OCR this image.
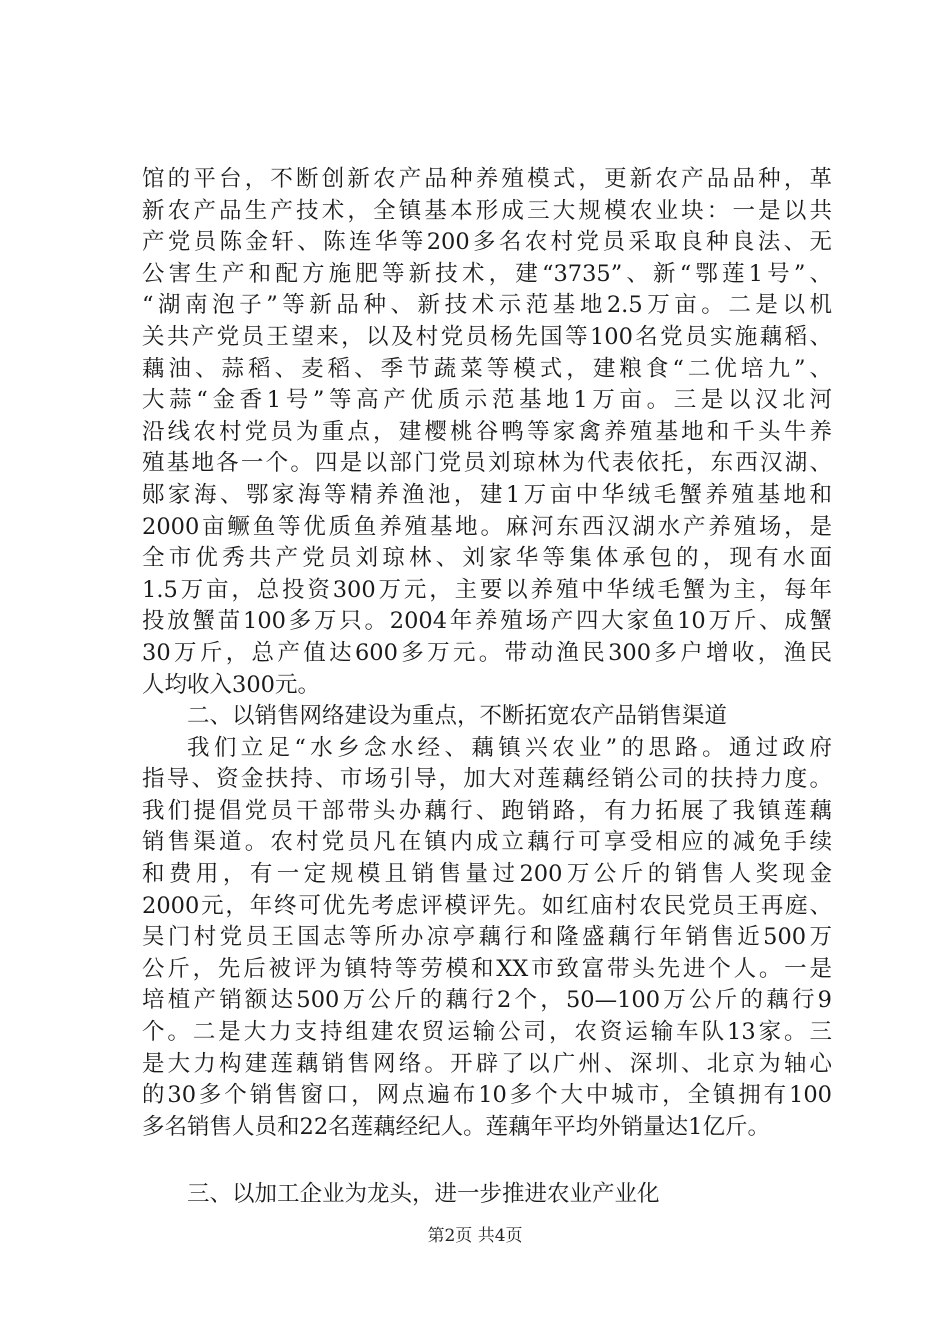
馆的平台，不断创新农产品种养殖模式，更新农产品品种，革
新农产品生产技术，全镇基本形成三大规模农业块：一是以共
产党员陈金轩、陈连华等200多名农村党员采取良种良法、无
公害生产和配方施肥等新技术，建“3735”、新“鄂莲1号”、
“湖南泡子”等新品种、新技术示范基地2.5万亩。二是以机
关共产党员王望来，以及村党员杨先国等100名党员实施藕稻、
藕油、蒜稻、麦稻、季节蔬菜等模式，建粮食“二优培九”、
大蒜“金香1号”等高产优质示范基地1万亩。三是以汉北河
沿线农村党员为重点，建樱桃谷鸭等家禽养殖基地和千头牛养
殖基地各一个。四是以部门党员刘琼林为代表依托，东西汉湖、
郧家海、鄂家海等精养渔池，建1万亩中华绒毛蟹养殖基地和
2000亩鳜鱼等优质鱼养殖基地。麻河东西汉湖水产养殖场，是
全市优秀共产党员刘琼林、刘家华等集体承包的，现有水面
1.5万亩，总投资300万元，主要以养殖中华绒毛蟹为主，每年
投放蟹苗100多万只。2004年养殖场产四大家鱼10万斤、成蟹
30万斤，总产值达600多万元。带动渔民300多户增收，渔民
人均收入300元。
二、以销售网络建设为重点，不断拓宽农产品销售渠道
我们立足“水乡念水经、藕镇兴农业”的思路。通过政府
指导、资金扶持、市场引导，加大对莲藕经销公司的扶持力度。
我们提倡党员干部带头办藕行、跑销路，有力拓展了我镇莲藕
销售渠道。农村党员凡在镇内成立藕行可享受相应的减免手续
和费用，有一定规模且销售量过200万公斤的销售人奖现金
2000元，年终可优先考虑评模评先。如红庙村农民党员王再庭、
吴门村党员王国志等所办凉亭藕行和隆盛藕行年销售近500万
公斤，先后被评为镇特等劳模和XX市致富带头先进个人。一是
培植产销额达500万公斤的藕行2个，50—100万公斤的藕行9
个。二是大力支持组建农贸运输公司，农资运输车队13家。三
是大力构建莲藕销售网络。开辟了以广州、深圳、北京为轴心
的30多个销售窗口，网点遍布10多个大中城市，全镇拥有100
多名销售人员和22名莲藕经纪人。莲藕年平均外销量达1亿斤。
三、以加工企业为龙头，进一步推进农业产业化
第2页 共4页
